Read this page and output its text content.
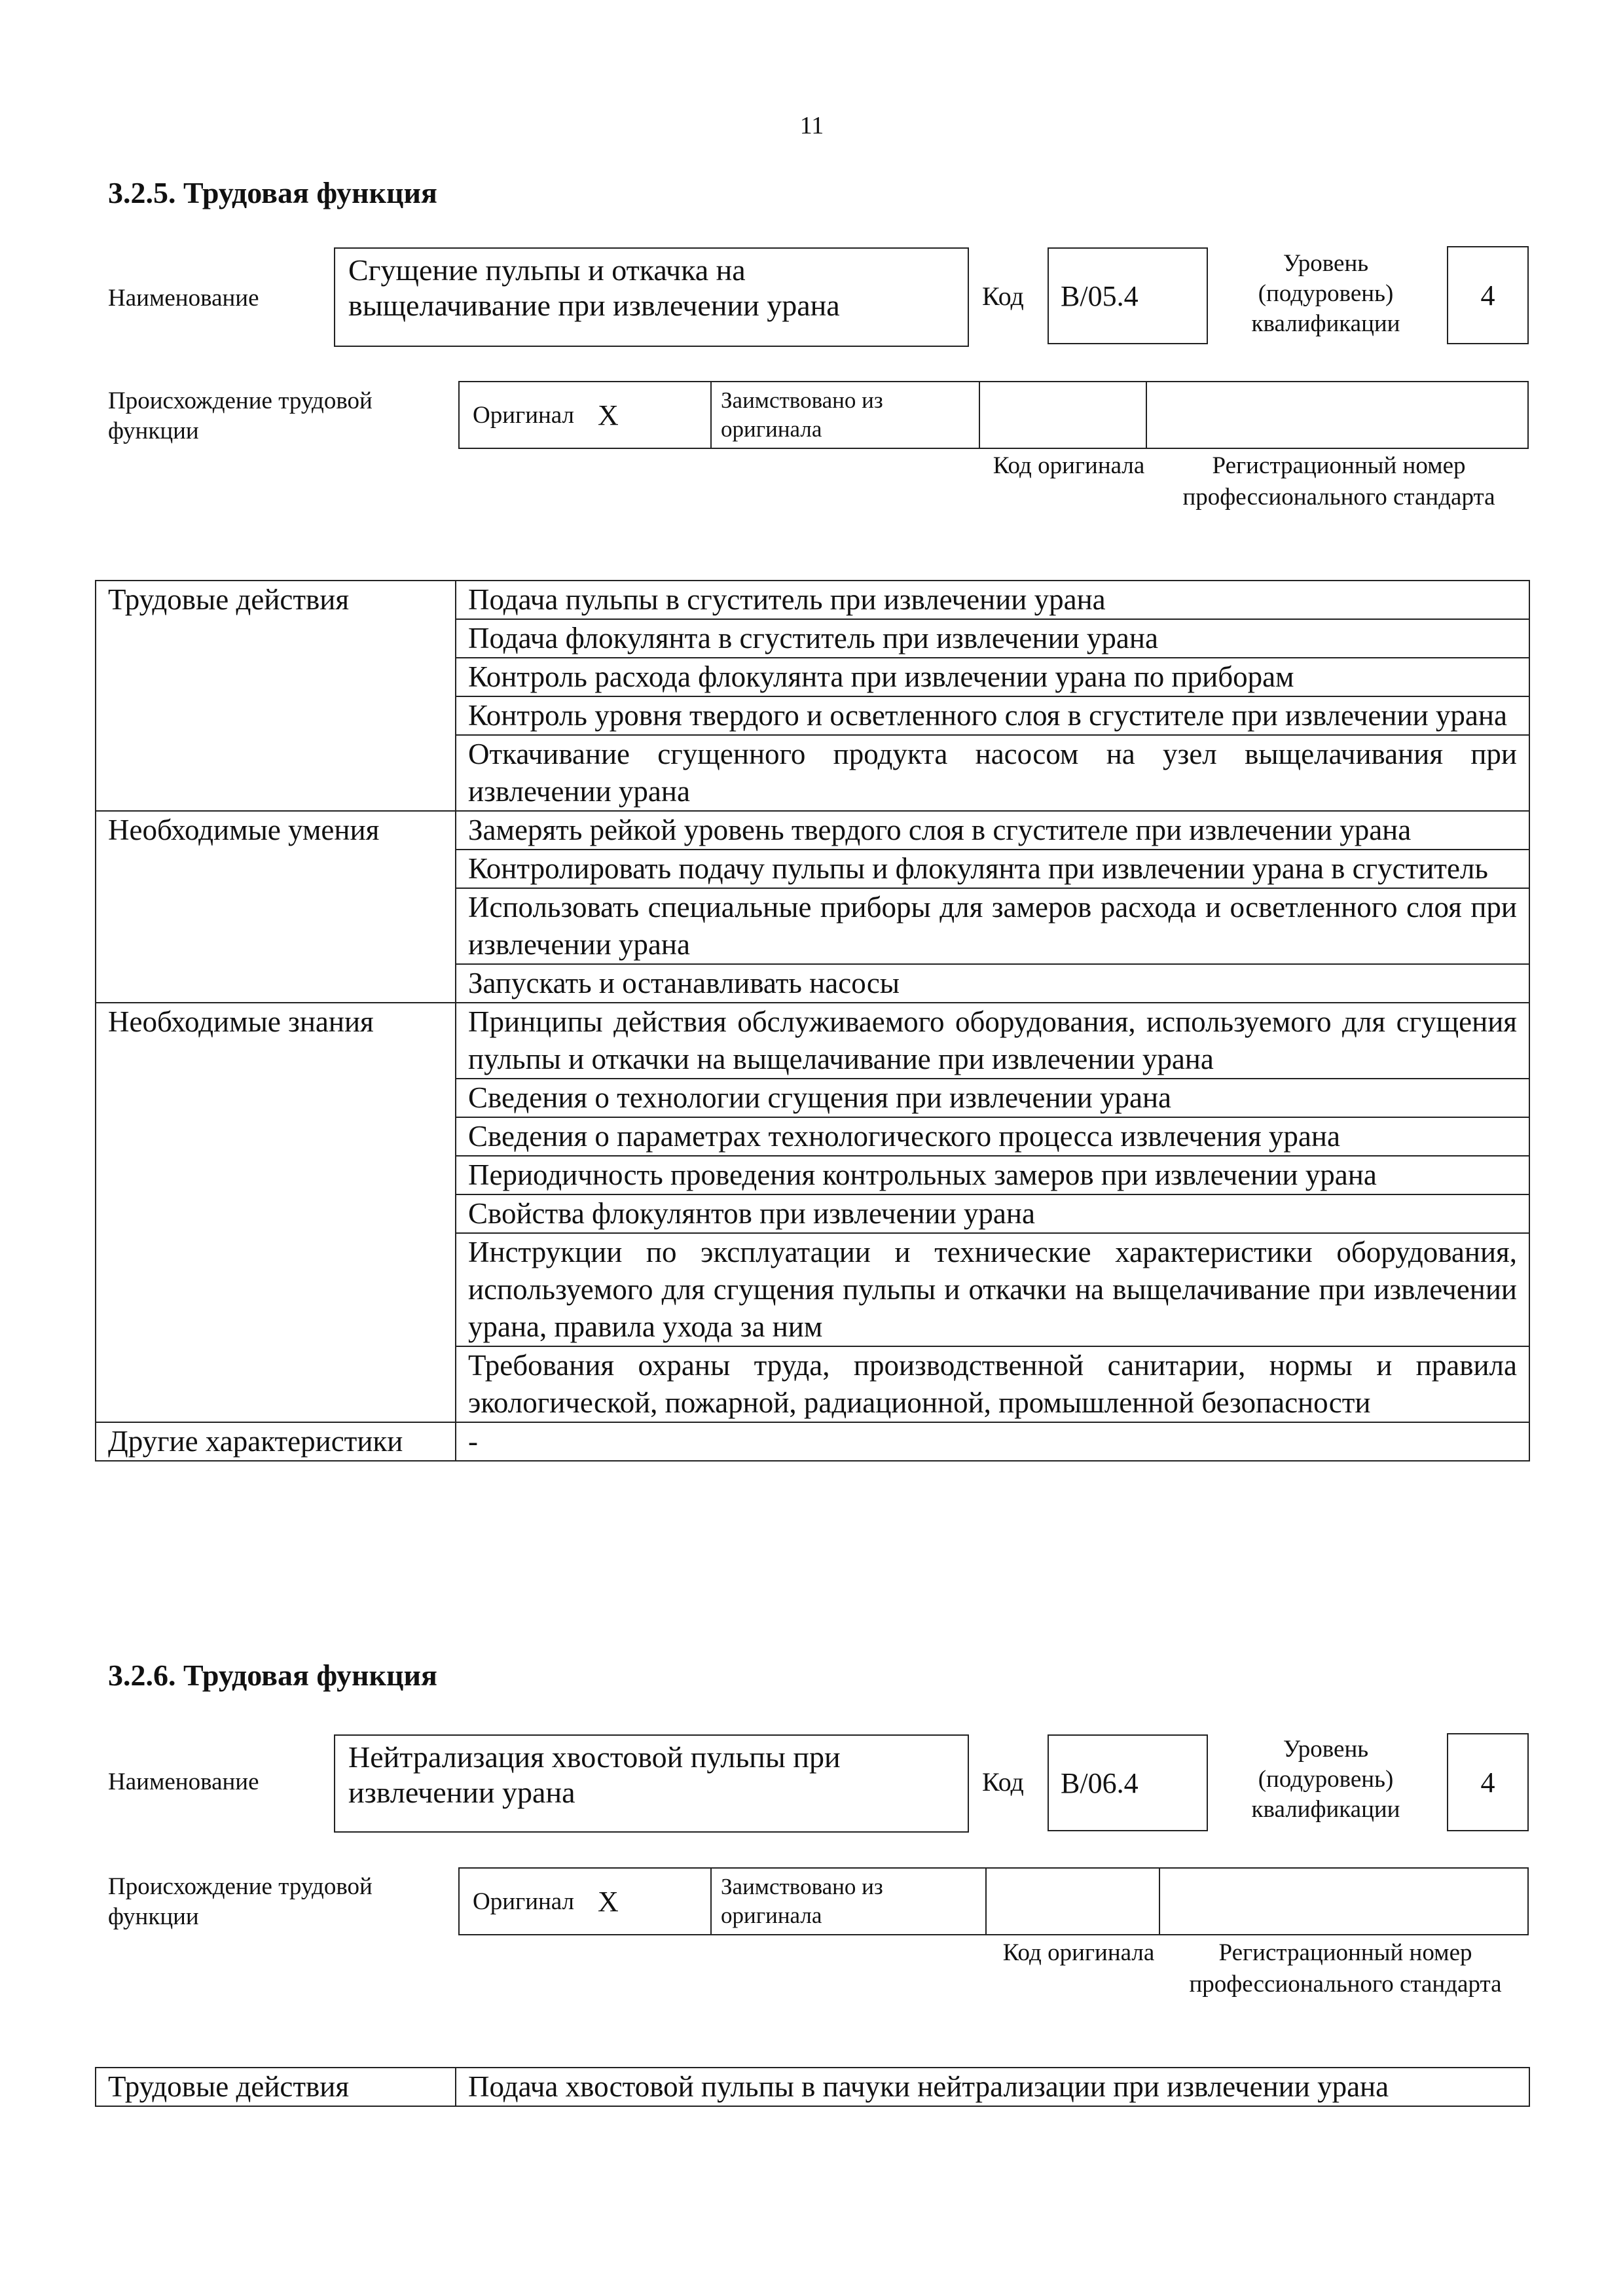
11
3.2.5. Трудовая функция
Наименование
Сгущение пульпы и откачка на выщелачивание при извлечении урана	Код B/05.4
Уровень (подуровень) квалификации
4
Происхождение трудовой функции
Оригинал X	Заимствовано из оригинала
Код оригинала	Регистрационный номер профессионального стандарта
Трудовые действия	Подача пульпы в сгуститель при извлечении урана
	Подача флокулянта в сгуститель при извлечении урана
	Контроль расхода флокулянта при извлечении урана по приборам
	Контроль уровня твердого и осветленного слоя в сгустителе при извлечении урана
	Откачивание сгущенного продукта насосом на узел выщелачивания при извлечении урана
Необходимые умения	Замерять рейкой уровень твердого слоя в сгустителе при извлечении урана
	Контролировать подачу пульпы и флокулянта при извлечении урана в сгуститель
	Использовать специальные приборы для замеров расхода и осветленного слоя при извлечении урана
	Запускать и останавливать насосы
Необходимые знания	Принципы действия обслуживаемого оборудования, используемого для сгущения пульпы и откачки на выщелачивание при извлечении урана
	Сведения о технологии сгущения при извлечении урана
	Сведения о параметрах технологического процесса извлечения урана
	Периодичность проведения контрольных замеров при извлечении урана
	Свойства флокулянтов при извлечении урана
	Инструкции по эксплуатации и технические характеристики оборудования, используемого для сгущения пульпы и откачки на выщелачивание при извлечении урана, правила ухода за ним
	Требования охраны труда, производственной санитарии, нормы и правила экологической, пожарной, радиационной, промышленной безопасности
Другие характеристики	-
3.2.6. Трудовая функция
Наименование
Нейтрализация хвостовой пульпы при извлечении урана	Код B/06.4
Уровень (подуровень) квалификации
4
Происхождение трудовой функции
Оригинал X	Заимствовано из оригинала
Код оригинала	Регистрационный номер профессионального стандарта
Трудовые действия	Подача хвостовой пульпы в пачуки нейтрализации при извлечении урана
